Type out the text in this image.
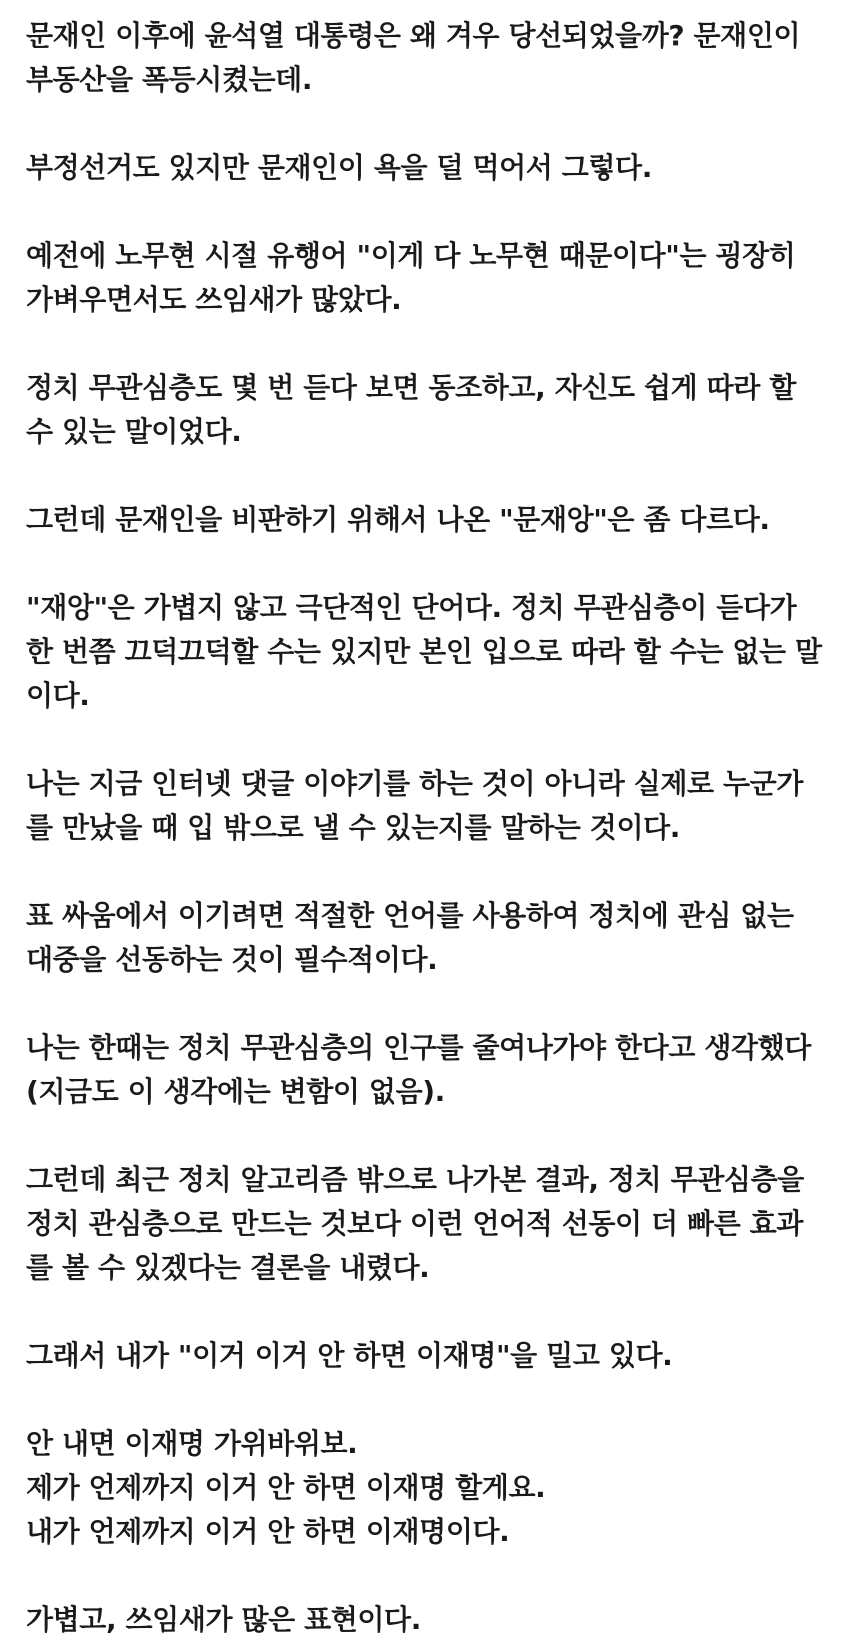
문재인 이후에 윤석열 대통령은 왜 겨우 당선되었을까? 문재인이
부동산을 폭등시켰는데.

부정선거도 있지만 문재인이 욕을 덜 먹어서 그렇다.

예전에 노무현 시절 유행어 "이게 다 노무현 때문이다"는 굉장히
가벼우면서도 쓰임새가 많았다.

정치 무관심층도 몇 번 듣다 보면 동조하고, 자신도 쉽게 따라 할
수 있는 말이었다.

그런데 문재인을 비판하기 위해서 나온 "문재앙"은 좀 다르다.

"재앙"은 가볍지 않고 극단적인 단어다. 정치 무관심층이 듣다가
한 번쯤 끄덕끄덕할 수는 있지만 본인 입으로 따라 할 수는 없는 말
이다.

나는 지금 인터넷 댓글 이야기를 하는 것이 아니라 실제로 누군가
를 만났을 때 입 밖으로 낼 수 있는지를 말하는 것이다.

표 싸움에서 이기려면 적절한 언어를 사용하여 정치에 관심 없는
대중을 선동하는 것이 필수적이다.

나는 한때는 정치 무관심층의 인구를 줄여나가야 한다고 생각했다
(지금도 이 생각에는 변함이 없음).

그런데 최근 정치 알고리즘 밖으로 나가본 결과, 정치 무관심층을
정치 관심층으로 만드는 것보다 이런 언어적 선동이 더 빠른 효과
를 볼 수 있겠다는 결론을 내렸다.

그래서 내가 "이거 이거 안 하면 이재명"을 밀고 있다.

안 내면 이재명 가위바위보.
제가 언제까지 이거 안 하면 이재명 할게요.
내가 언제까지 이거 안 하면 이재명이다.

가볍고, 쓰임새가 많은 표현이다.
